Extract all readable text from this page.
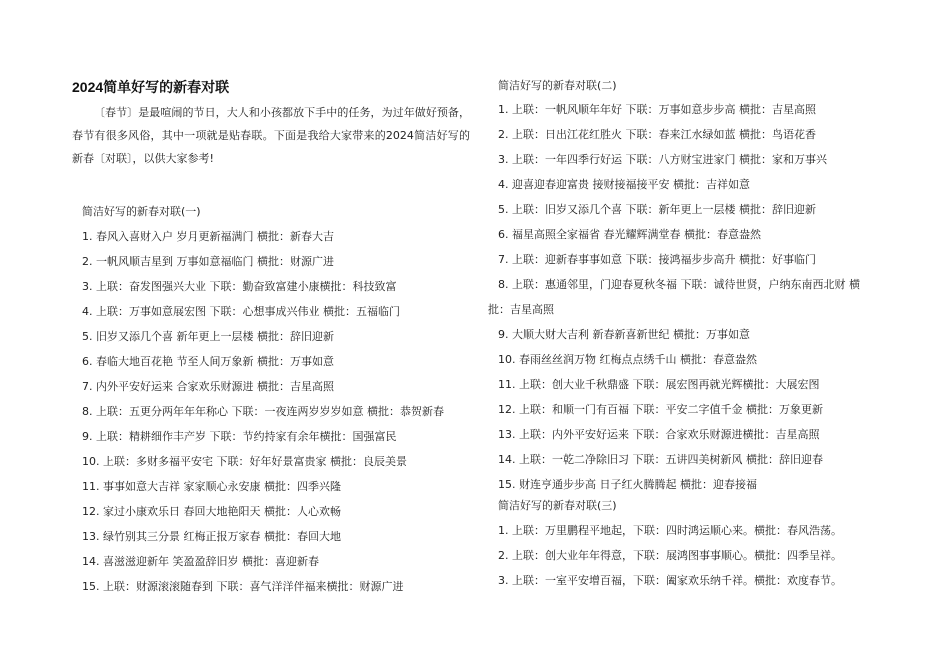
2024简单好写的新春对联
〔春节〕是最喧闹的节日，大人和小孩都放下手中的任务，为过年做好预备，春节有很多风俗，其中一项就是贴春联。下面是我给大家带来的2024简洁好写的新春〔对联〕，以供大家参考!
简洁好写的新春对联(一)
1. 春风入喜财入户 岁月更新福满门 横批：新春大吉
2. 一帆风顺吉星到 万事如意福临门 横批：财源广进
3. 上联：奋发图强兴大业 下联：勤奋致富建小康横批：科技致富
4. 上联：万事如意展宏图 下联：心想事成兴伟业 横批：五福临门
5. 旧岁又添几个喜 新年更上一层楼 横批：辞旧迎新
6. 春临大地百花艳 节至人间万象新 横批：万事如意
7. 内外平安好运来 合家欢乐财源进 横批：吉星高照
8. 上联：五更分两年年年称心 下联：一夜连两岁岁岁如意 横批：恭贺新春
9. 上联：精耕细作丰产岁 下联：节约持家有余年横批：国强富民
10. 上联：多财多福平安宅 下联：好年好景富贵家 横批：良辰美景
11. 事事如意大吉祥 家家顺心永安康 横批：四季兴隆
12. 家过小康欢乐日 春回大地艳阳天 横批：人心欢畅
13. 绿竹别其三分景 红梅正报万家春 横批：春回大地
14. 喜滋滋迎新年 笑盈盈辞旧岁 横批：喜迎新春
15. 上联：财源滚滚随春到 下联：喜气洋洋伴福来横批：财源广进
简洁好写的新春对联(二)
1. 上联：一帆风顺年年好 下联：万事如意步步高 横批：吉星高照
2. 上联：日出江花红胜火 下联：春来江水绿如蓝 横批：鸟语花香
3. 上联：一年四季行好运 下联：八方财宝进家门 横批：家和万事兴
4. 迎喜迎春迎富贵 接财接福接平安 横批：吉祥如意
5. 上联：旧岁又添几个喜 下联：新年更上一层楼 横批：辞旧迎新
6. 福星高照全家福省 春光耀辉满堂春 横批：春意盎然
7. 上联：迎新春事事如意 下联：接鸿福步步高升 横批：好事临门
8. 上联：惠通邻里，门迎春夏秋冬福 下联：诚待世贤，户纳东南西北财 横
批：吉星高照
9. 大顺大财大吉利 新春新喜新世纪 横批：万事如意
10. 春雨丝丝润万物 红梅点点绣千山 横批：春意盎然
11. 上联：创大业千秋鼎盛 下联：展宏图再就光辉横批：大展宏图
12. 上联：和顺一门有百福 下联：平安二字值千金 横批：万象更新
13. 上联：内外平安好运来 下联：合家欢乐财源进横批：吉星高照
14. 上联：一乾二净除旧习 下联：五讲四美树新风 横批：辞旧迎春
15. 财连亨通步步高 日子红火腾腾起 横批：迎春接福
简洁好写的新春对联(三)
1. 上联：万里鹏程平地起，下联：四时鸿运顺心来。横批：春风浩荡。
2. 上联：创大业年年得意，下联：展鸿图事事顺心。横批：四季呈祥。
3. 上联：一室平安增百福，下联：阖家欢乐纳千祥。横批：欢度春节。
